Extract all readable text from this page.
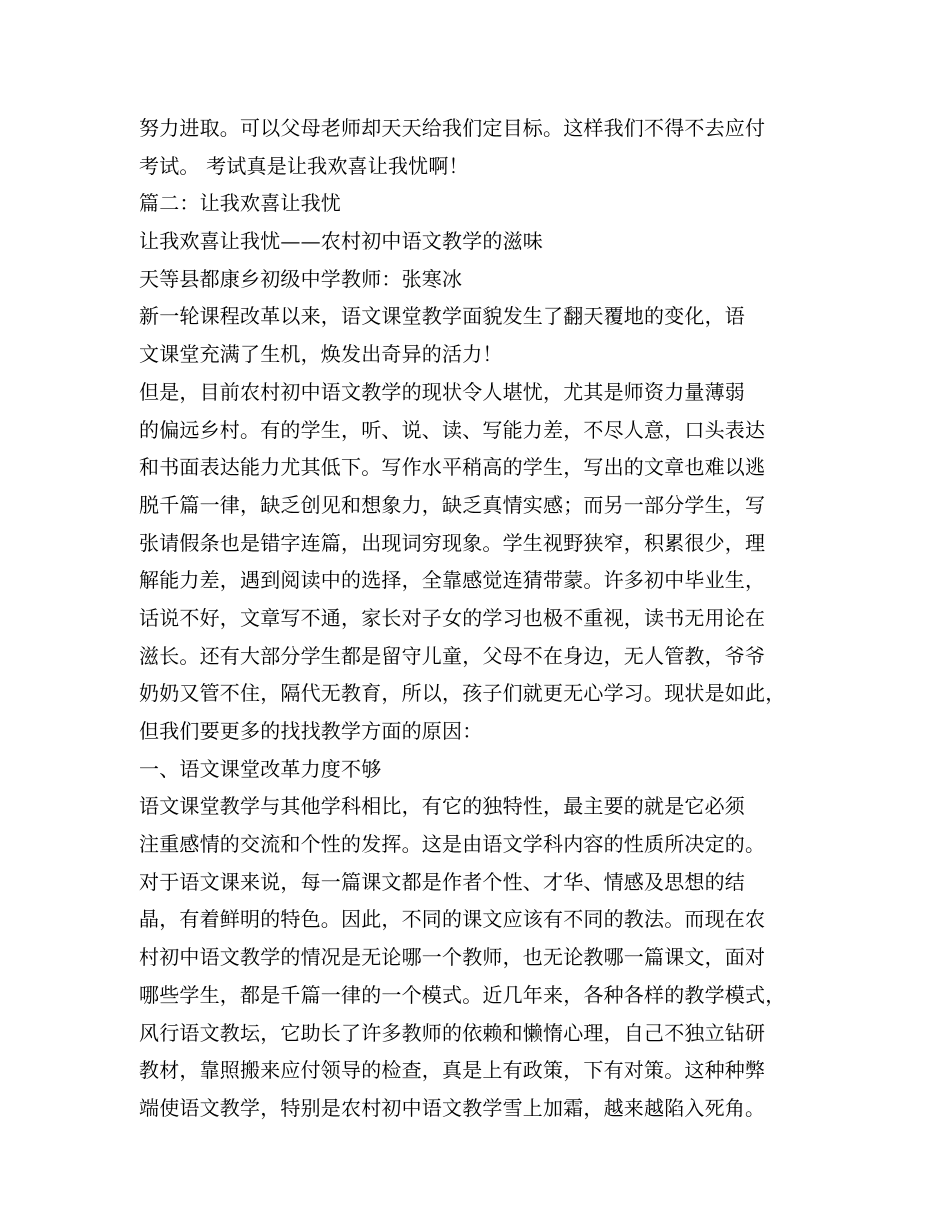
努力进取。可以父母老师却天天给我们定目标。这样我们不得不去应付
考试。 考试真是让我欢喜让我忧啊！
篇二：让我欢喜让我忧
让我欢喜让我忧——农村初中语文教学的滋味
天等县都康乡初级中学教师：张寒冰
新一轮课程改革以来，语文课堂教学面貌发生了翻天覆地的变化，语
文课堂充满了生机，焕发出奇异的活力！
但是，目前农村初中语文教学的现状令人堪忧，尤其是师资力量薄弱
的偏远乡村。有的学生，听、说、读、写能力差，不尽人意，口头表达
和书面表达能力尤其低下。写作水平稍高的学生，写出的文章也难以逃
脱千篇一律，缺乏创见和想象力，缺乏真情实感；而另一部分学生，写
张请假条也是错字连篇，出现词穷现象。学生视野狭窄，积累很少，理
解能力差，遇到阅读中的选择，全靠感觉连猜带蒙。许多初中毕业生，
话说不好，文章写不通，家长对子女的学习也极不重视，读书无用论在
滋长。还有大部分学生都是留守儿童，父母不在身边，无人管教，爷爷
奶奶又管不住，隔代无教育，所以，孩子们就更无心学习。现状是如此，
但我们要更多的找找教学方面的原因：
一、语文课堂改革力度不够
语文课堂教学与其他学科相比，有它的独特性，最主要的就是它必须
注重感情的交流和个性的发挥。这是由语文学科内容的性质所决定的。
对于语文课来说，每一篇课文都是作者个性、才华、情感及思想的结
晶，有着鲜明的特色。因此，不同的课文应该有不同的教法。而现在农
村初中语文教学的情况是无论哪一个教师，也无论教哪一篇课文，面对
哪些学生，都是千篇一律的一个模式。近几年来，各种各样的教学模式，
风行语文教坛，它助长了许多教师的依赖和懒惰心理，自己不独立钻研
教材，靠照搬来应付领导的检查，真是上有政策，下有对策。这种种弊
端使语文教学，特别是农村初中语文教学雪上加霜，越来越陷入死角。
